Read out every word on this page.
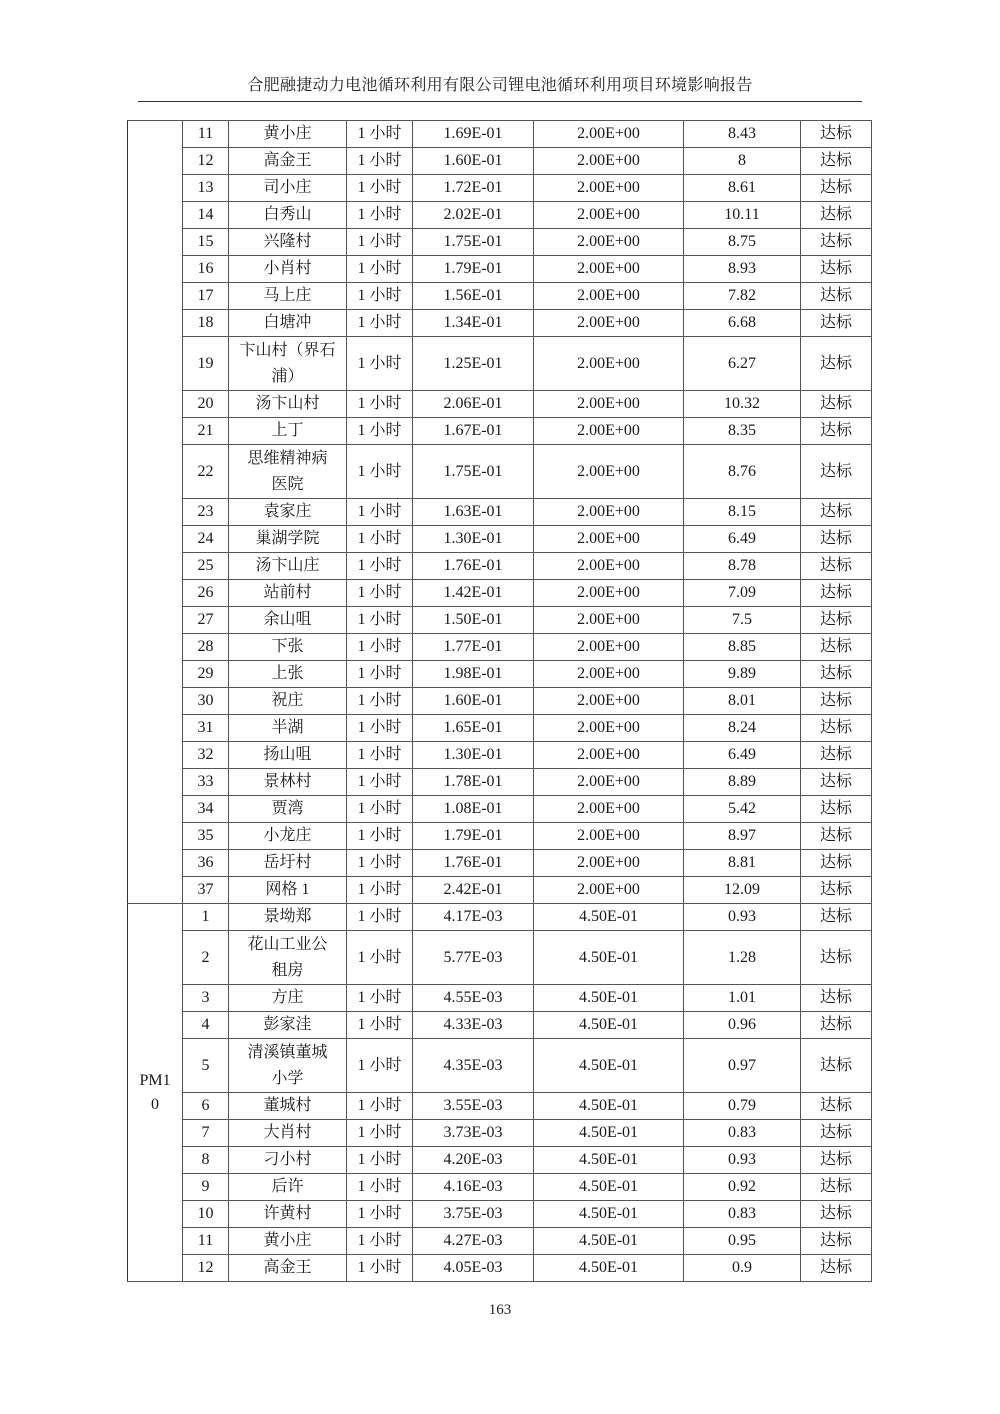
合肥融捷动力电池循环利用有限公司锂电池循环利用项目环境影响报告
	11	黄小庄	1 小时	1.69E-01	2.00E+00	8.43	达标
	12	高金王	1 小时	1.60E-01	2.00E+00	8	达标
	13	司小庄	1 小时	1.72E-01	2.00E+00	8.61	达标
	14	白秀山	1 小时	2.02E-01	2.00E+00	10.11	达标
	15	兴隆村	1 小时	1.75E-01	2.00E+00	8.75	达标
	16	小肖村	1 小时	1.79E-01	2.00E+00	8.93	达标
	17	马上庄	1 小时	1.56E-01	2.00E+00	7.82	达标
	18	白塘冲	1 小时	1.34E-01	2.00E+00	6.68	达标
	19	卞山村（界石
浦）	1 小时	1.25E-01	2.00E+00	6.27	达标
	20	汤卞山村	1 小时	2.06E-01	2.00E+00	10.32	达标
	21	上丁	1 小时	1.67E-01	2.00E+00	8.35	达标
	22	思维精神病
医院	1 小时	1.75E-01	2.00E+00	8.76	达标
	23	袁家庄	1 小时	1.63E-01	2.00E+00	8.15	达标
	24	巢湖学院	1 小时	1.30E-01	2.00E+00	6.49	达标
	25	汤卞山庄	1 小时	1.76E-01	2.00E+00	8.78	达标
	26	站前村	1 小时	1.42E-01	2.00E+00	7.09	达标
	27	余山咀	1 小时	1.50E-01	2.00E+00	7.5	达标
	28	下张	1 小时	1.77E-01	2.00E+00	8.85	达标
	29	上张	1 小时	1.98E-01	2.00E+00	9.89	达标
	30	祝庄	1 小时	1.60E-01	2.00E+00	8.01	达标
	31	半湖	1 小时	1.65E-01	2.00E+00	8.24	达标
	32	扬山咀	1 小时	1.30E-01	2.00E+00	6.49	达标
	33	景林村	1 小时	1.78E-01	2.00E+00	8.89	达标
	34	贾湾	1 小时	1.08E-01	2.00E+00	5.42	达标
	35	小龙庄	1 小时	1.79E-01	2.00E+00	8.97	达标
	36	岳圩村	1 小时	1.76E-01	2.00E+00	8.81	达标
	37	网格 1	1 小时	2.42E-01	2.00E+00	12.09	达标

PM1
0	1	景坳郑	1 小时	4.17E-03	4.50E-01	0.93	达标
	2	花山工业公
租房	1 小时	5.77E-03	4.50E-01	1.28	达标
	3	方庄	1 小时	4.55E-03	4.50E-01	1.01	达标
	4	彭家洼	1 小时	4.33E-03	4.50E-01	0.96	达标
	5	清溪镇董城
小学	1 小时	4.35E-03	4.50E-01	0.97	达标
	6	董城村	1 小时	3.55E-03	4.50E-01	0.79	达标
	7	大肖村	1 小时	3.73E-03	4.50E-01	0.83	达标
	8	刁小村	1 小时	4.20E-03	4.50E-01	0.93	达标
	9	后许	1 小时	4.16E-03	4.50E-01	0.92	达标
	10	许黄村	1 小时	3.75E-03	4.50E-01	0.83	达标
	11	黄小庄	1 小时	4.27E-03	4.50E-01	0.95	达标
	12	高金王	1 小时	4.05E-03	4.50E-01	0.9	达标
163
